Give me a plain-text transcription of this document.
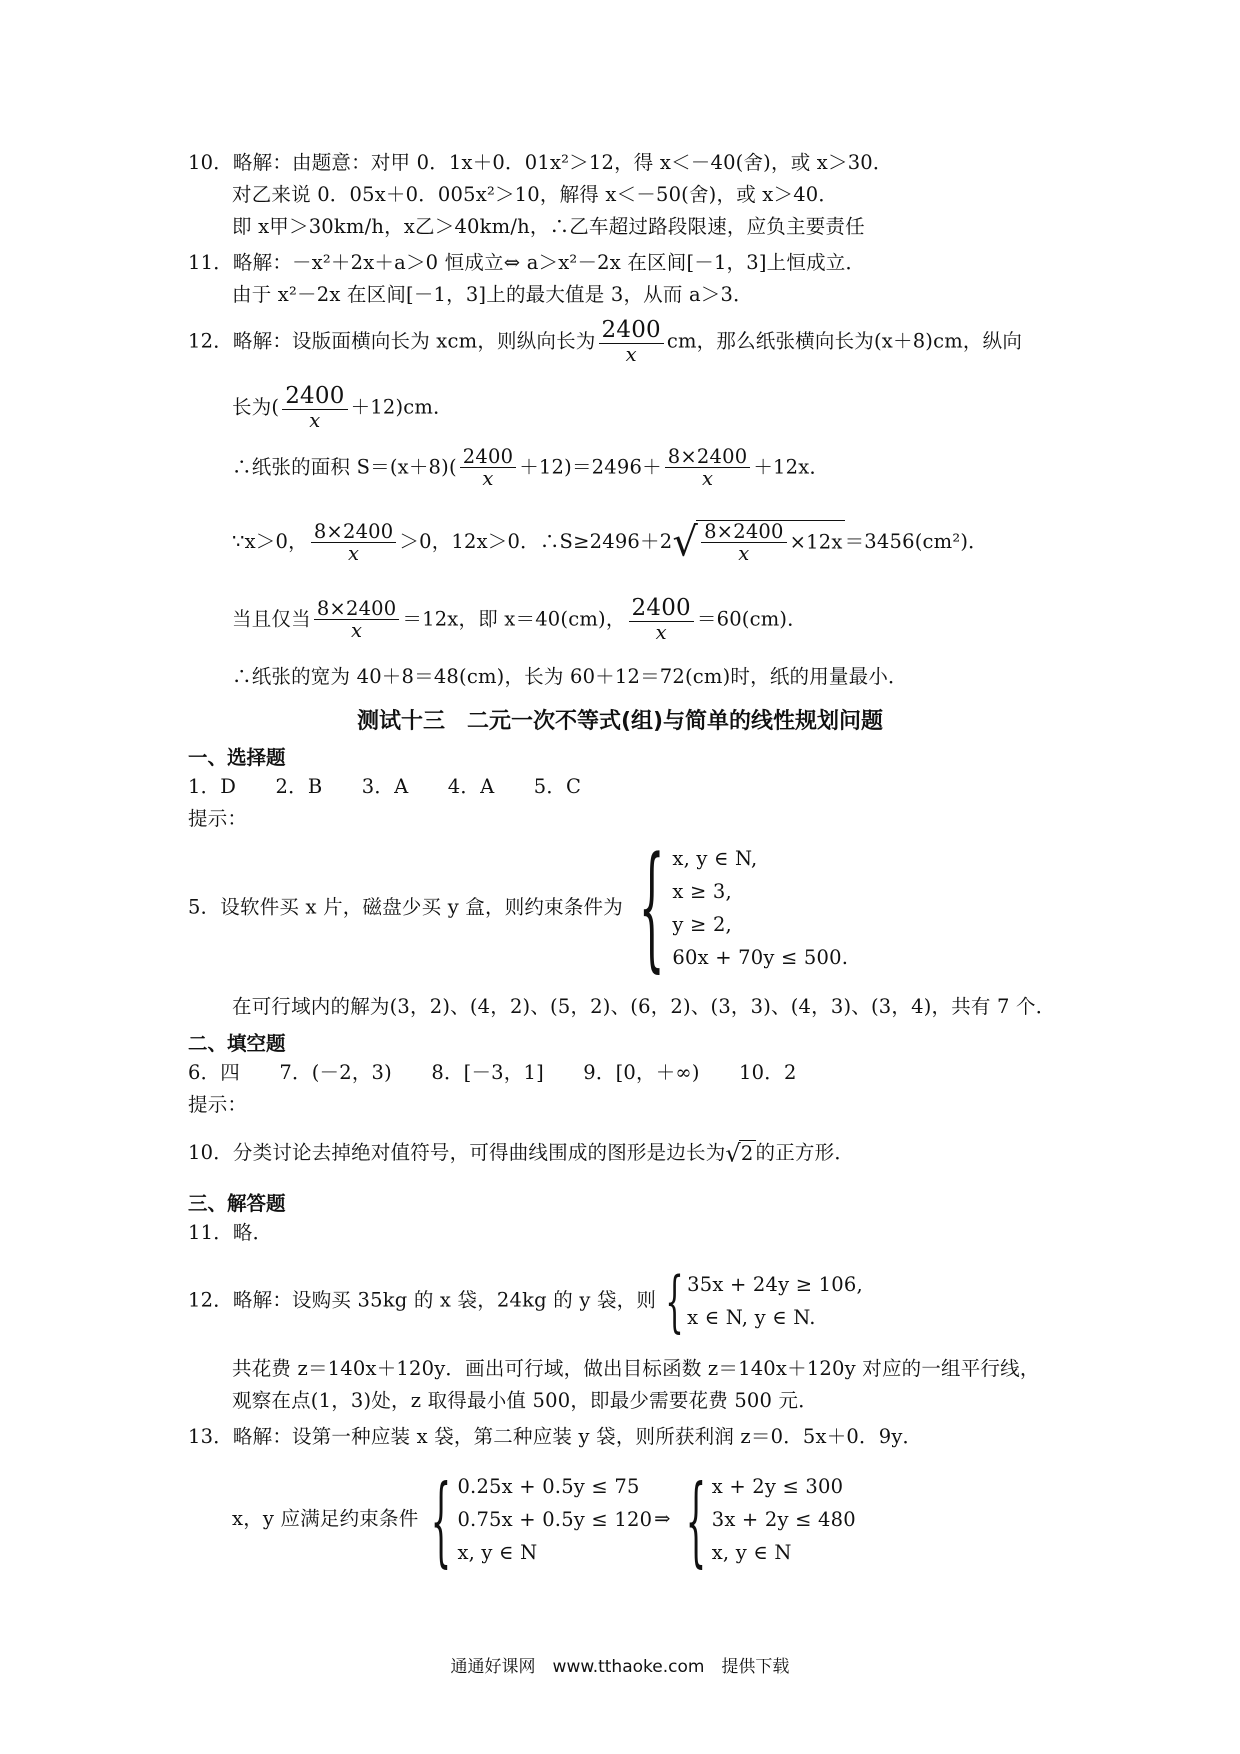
10．略解：由题意：对甲 0．1x＋0．01x²＞12，得 x＜－40(舍)，或 x＞30．
对乙来说 0．05x＋0．005x²＞10，解得 x＜－50(舍)，或 x＞40．
即 x甲＞30km/h，x乙＞40km/h，∴乙车超过路段限速，应负主要责任
11．略解：－x²＋2x＋a＞0 恒成立⇔ a＞x²－2x 在区间[－1，3]上恒成立．
由于 x²－2x 在区间[－1，3]上的最大值是 3，从而 a＞3．
12．略解：设版面横向长为 xcm，则纵向长为 $\frac{2400}{x}$ cm，那么纸张横向长为(x＋8)cm，纵向
长为( $\frac{2400}{x} +12)cm$．
∴纸张的面积 $S=(x+8)( \frac{2400}{x} +12)=2496+ \frac{8\times 2400}{x} +12x$．
∵x＞0， $\frac{8\times 2400}{x} >0$，12x＞0．∴S≥2496＋2√ $\frac{8\times 2400}{x} \times 12x =3456(cm^2)$．
当且仅当 $\frac{8\times 2400}{x} =12x$，即 x＝40(cm)， $\frac{2400}{x} =60(cm)$．
∴纸张的宽为 40＋8＝48(cm)，长为 60＋12＝72(cm)时，纸的用量最小．
测试十三　二元一次不等式(组)与简单的线性规划问题
一、选择题
1．D　　2．B　　3．A　　4．A　　5．C
提示：
5．设软件买 x 片，磁盘少买 y 盒，则约束条件为 { x, y ∈ N,
x ≥ 3,
y ≥ 2,
60x + 70y ≤ 500.
在可行域内的解为(3，2)、(4，2)、(5，2)、(6，2)、(3，3)、(4，3)、(3，4)，共有 7 个．
二、填空题
6．四　　7．(－2，3)　　8．[－3，1]　　9．[0，＋∞)　　10．2
提示：
10．分类讨论去掉绝对值符号，可得曲线围成的图形是边长为√2 的正方形．
三、解答题
11．略．
12．略解：设购买 35kg 的 x 袋，24kg 的 y 袋，则 { 35x + 24y ≥ 106,
x ∈ N, y ∈ N.
共花费 z＝140x＋120y．画出可行域，做出目标函数 z＝140x＋120y 对应的一组平行线，
观察在点(1，3)处，z 取得最小值 500，即最少需要花费 500 元．
13．略解：设第一种应装 x 袋，第二种应装 y 袋，则所获利润 z＝0．5x＋0．9y．
x，y 应满足约束条件 { 0.25x + 0.5y ≤ 75
0.75x + 0.5y ≤ 120
x, y ∈ N
⇒ { x + 2y ≤ 300
3x + 2y ≤ 480
x, y ∈ N
通通好课网　www.tthaoke.com　提供下载
